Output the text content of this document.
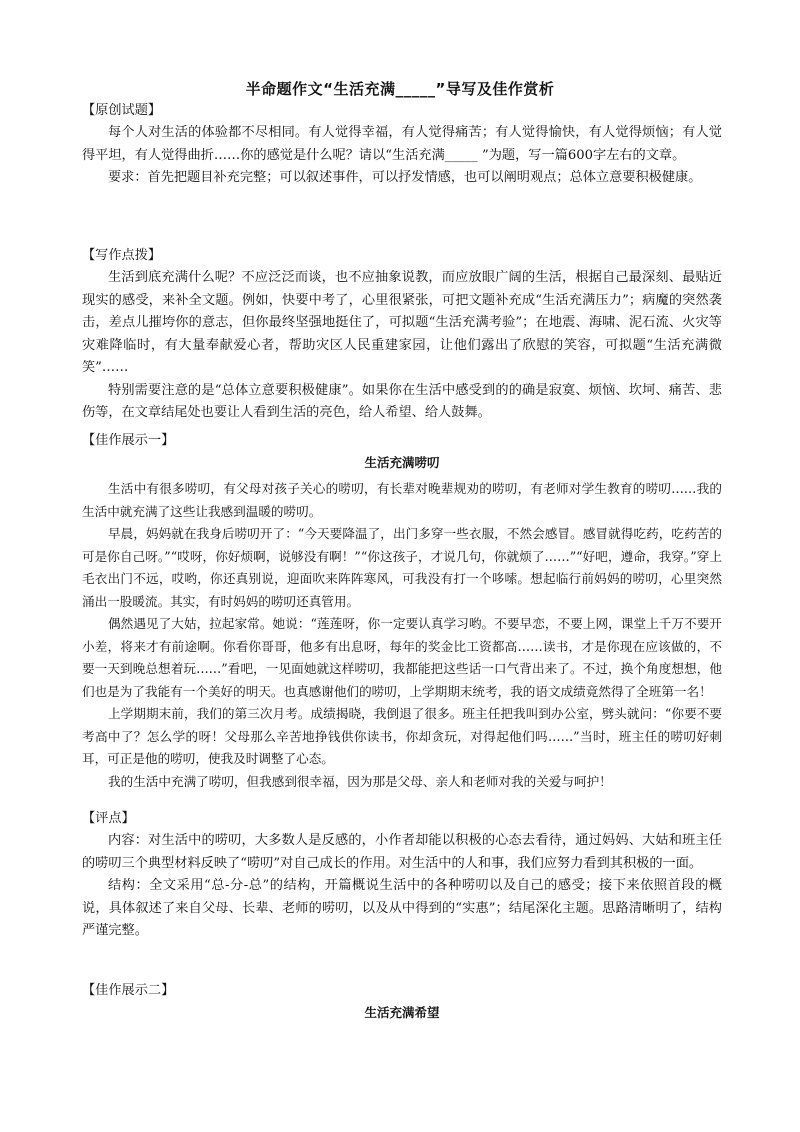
半命题作文“生活充满_____”导写及佳作赏析
【原创试题】
每个人对生活的体验都不尽相同。有人觉得幸福，有人觉得痛苦；有人觉得愉快，有人觉得烦恼；有人觉得平坦，有人觉得曲折……你的感觉是什么呢？请以“生活充满_____ ”为题，写一篇600字左右的文章。
要求：首先把题目补充完整；可以叙述事件，可以抒发情感，也可以阐明观点；总体立意要积极健康。
【写作点拨】
生活到底充满什么呢？不应泛泛而谈，也不应抽象说教，而应放眼广阔的生活，根据自己最深刻、最贴近现实的感受，来补全文题。例如，快要中考了，心里很紧张，可把文题补充成“生活充满压力”；病魔的突然袭击，差点儿摧垮你的意志，但你最终坚强地挺住了，可拟题“生活充满考验”；在地震、海啸、泥石流、火灾等灾难降临时，有大量奉献爱心者，帮助灾区人民重建家园，让他们露出了欣慰的笑容，可拟题“生活充满微笑”……
特别需要注意的是“总体立意要积极健康”。如果你在生活中感受到的的确是寂寞、烦恼、坎坷、痛苦、悲伤等，在文章结尾处也要让人看到生活的亮色，给人希望、给人鼓舞。
【佳作展示一】
生活充满唠叨
生活中有很多唠叨，有父母对孩子关心的唠叨，有长辈对晚辈规劝的唠叨，有老师对学生教育的唠叨……我的生活中就充满了这些让我感到温暖的唠叨。
早晨，妈妈就在我身后唠叨开了：“今天要降温了，出门多穿一些衣服，不然会感冒。感冒就得吃药，吃药苦的可是你自己呀。”“哎呀，你好烦啊，说够没有啊！”“你这孩子，才说几句，你就烦了……”“好吧，遵命，我穿。”穿上毛衣出门不远，哎哟，你还真别说，迎面吹来阵阵寒风，可我没有打一个哆嗦。想起临行前妈妈的唠叨，心里突然涌出一股暖流。其实，有时妈妈的唠叨还真管用。
偶然遇见了大姑，拉起家常。她说：“莲莲呀，你一定要认真学习哟。不要早恋，不要上网，课堂上千万不要开小差，将来才有前途啊。你看你哥哥，他多有出息呀，每年的奖金比工资都高……读书，才是你现在应该做的，不要一天到晚总想着玩……”看吧，一见面她就这样唠叨，我都能把这些话一口气背出来了。不过，换个角度想想，他们也是为了我能有一个美好的明天。也真感谢他们的唠叨，上学期期末统考，我的语文成绩竟然得了全班第一名！
上学期期末前，我们的第三次月考。成绩揭晓，我倒退了很多。班主任把我叫到办公室，劈头就问：“你要不要考高中了？怎么学的呀！父母那么辛苦地挣钱供你读书，你却贪玩，对得起他们吗……”当时，班主任的唠叨好刺耳，可正是他的唠叨，使我及时调整了心态。
我的生活中充满了唠叨，但我感到很幸福，因为那是父母、亲人和老师对我的关爱与呵护！
【评点】
内容：对生活中的唠叨，大多数人是反感的，小作者却能以积极的心态去看待，通过妈妈、大姑和班主任的唠叨三个典型材料反映了“唠叨”对自己成长的作用。对生活中的人和事，我们应努力看到其积极的一面。
结构：全文采用“总-分-总”的结构，开篇概说生活中的各种唠叨以及自己的感受；接下来依照首段的概说，具体叙述了来自父母、长辈、老师的唠叨，以及从中得到的“实惠”；结尾深化主题。思路清晰明了，结构严谨完整。
【佳作展示二】
生活充满希望
